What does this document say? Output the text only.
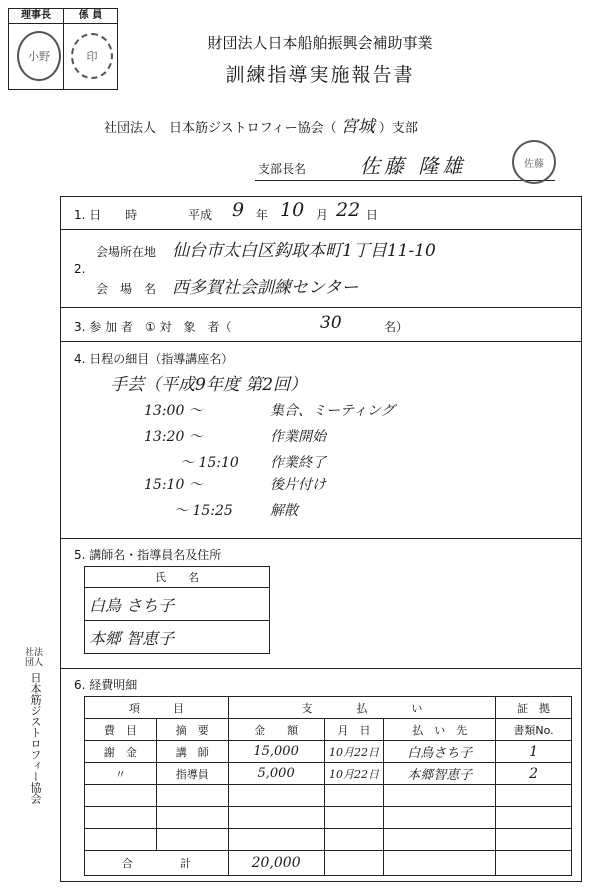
理事長	係 員
小野	印
財団法人日本船舶振興会補助事業
訓練指導実施報告書
社団法人　日本筋ジストロフィー協会（ 宮城 ）支部
支部長名	佐藤 隆雄	佐藤
1. 日　　時	平成 9 年 10 月 22 日
2.
会場所在地 仙台市太白区鈎取本町1丁目11-10
会　場　名 西多賀社会訓練センター
3. 参 加 者　① 対　象　者（	30	名）
4. 日程の細目（指導講座名）
手芸（平成9年度 第2回）
13:00 〜	集合、ミーティング
13:20 〜	作業開始
〜 15:10 作業終了
15:10 〜	後片付け
〜 15:25	解散
5. 講師名・指導員名及住所
氏　　名
白鳥 さち子
本郷 智恵子
6. 経費明細
項　　　目		支　　　　払　　　　い			証　拠
費　目	摘　要	金　　額	月　日	払　い　先	書類No.
謝　金	講　師	15,000	10月22日	白鳥さち子	1
〃	指導員	5,000	10月22日	本郷智恵子	2

合 計		20,000			
社法団人
日本筋ジストロフィー協会
